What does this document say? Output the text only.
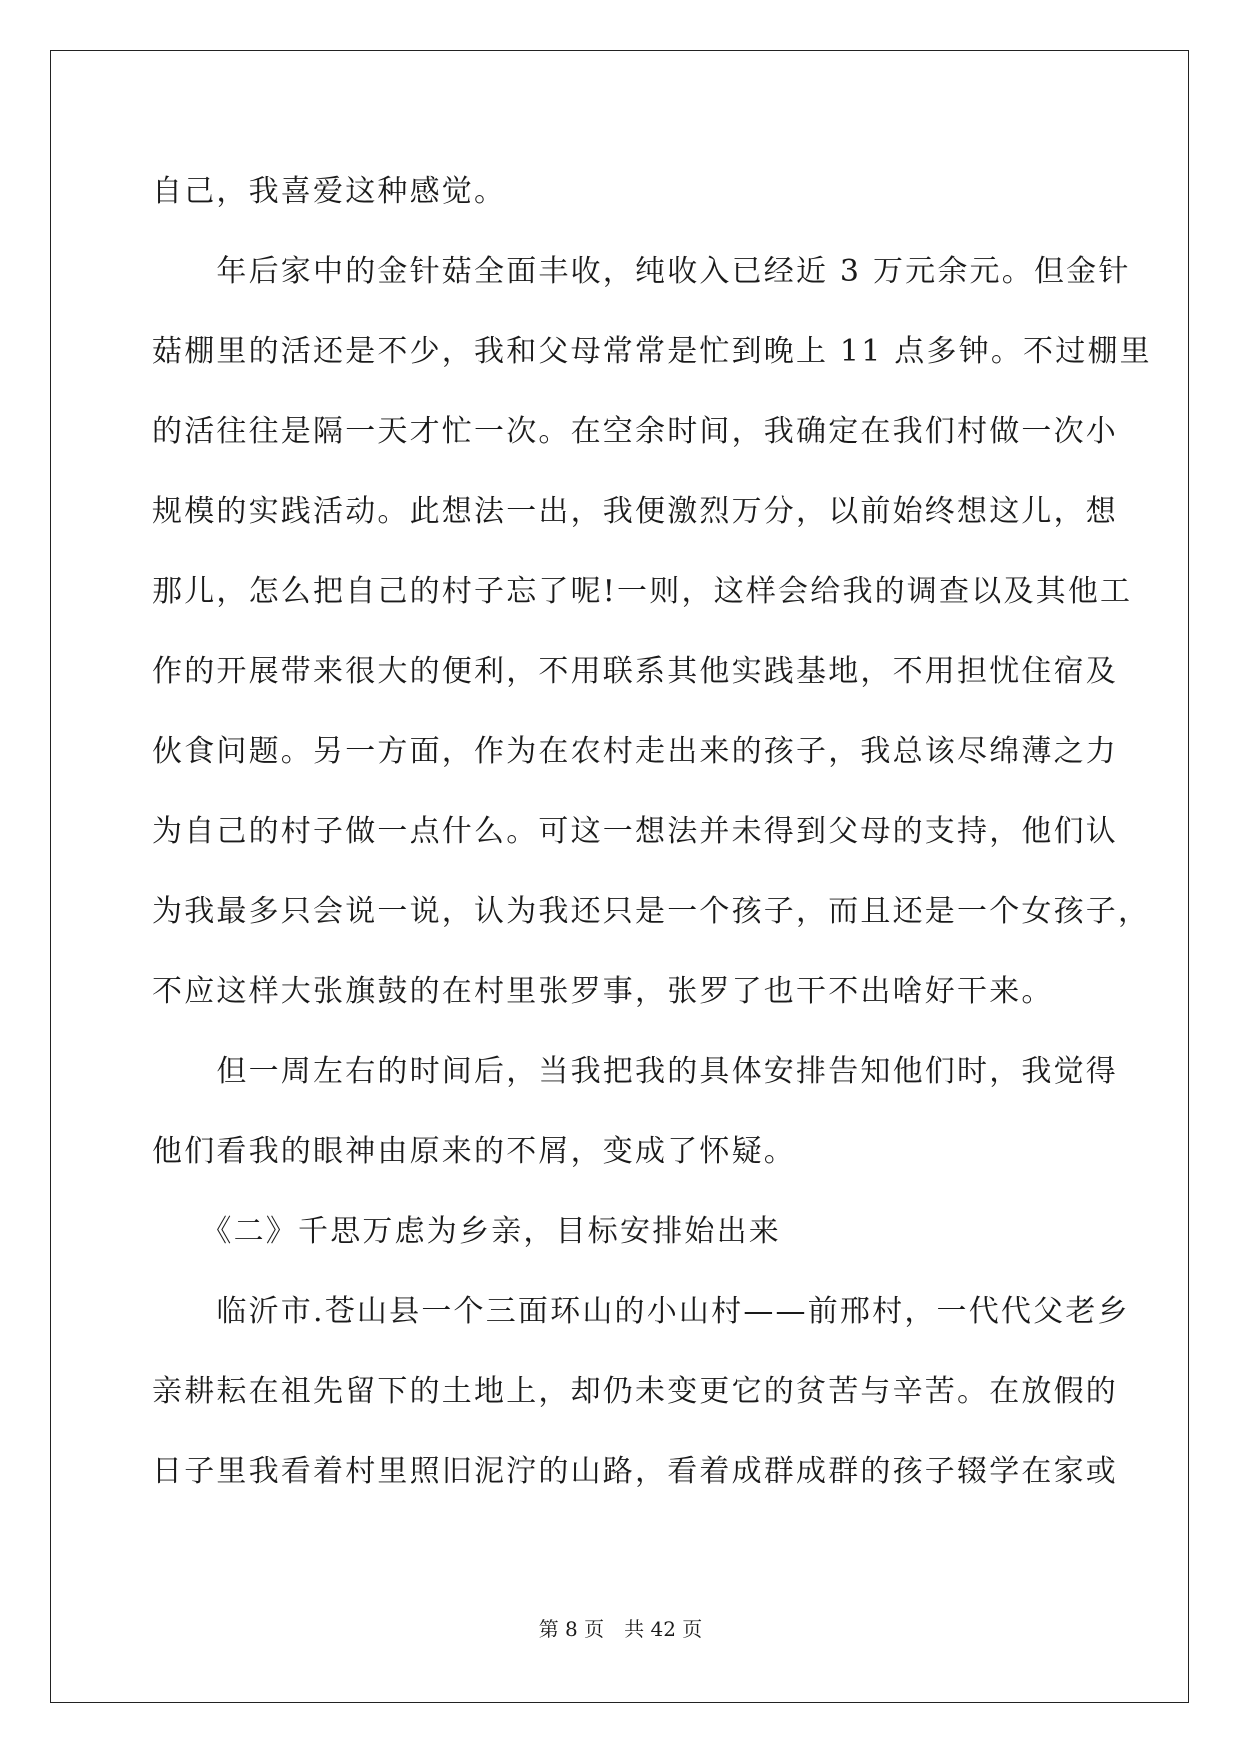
自己，我喜爱这种感觉。
　　年后家中的金针菇全面丰收，纯收入已经近 3 万元余元。但金针
菇棚里的活还是不少，我和父母常常是忙到晚上 11 点多钟。不过棚里
的活往往是隔一天才忙一次。在空余时间，我确定在我们村做一次小
规模的实践活动。此想法一出，我便激烈万分，以前始终想这儿，想
那儿，怎么把自己的村子忘了呢!一则，这样会给我的调查以及其他工
作的开展带来很大的便利，不用联系其他实践基地，不用担忧住宿及
伙食问题。另一方面，作为在农村走出来的孩子，我总该尽绵薄之力
为自己的村子做一点什么。可这一想法并未得到父母的支持，他们认
为我最多只会说一说，认为我还只是一个孩子，而且还是一个女孩子，
不应这样大张旗鼓的在村里张罗事，张罗了也干不出啥好干来。
　　但一周左右的时间后，当我把我的具体安排告知他们时，我觉得
他们看我的眼神由原来的不屑，变成了怀疑。
　　《二》千思万虑为乡亲，目标安排始出来
　　临沂市.苍山县一个三面环山的小山村——前邢村，一代代父老乡
亲耕耘在祖先留下的土地上，却仍未变更它的贫苦与辛苦。在放假的
日子里我看着村里照旧泥泞的山路，看着成群成群的孩子辍学在家或
第 8 页　共 42 页
